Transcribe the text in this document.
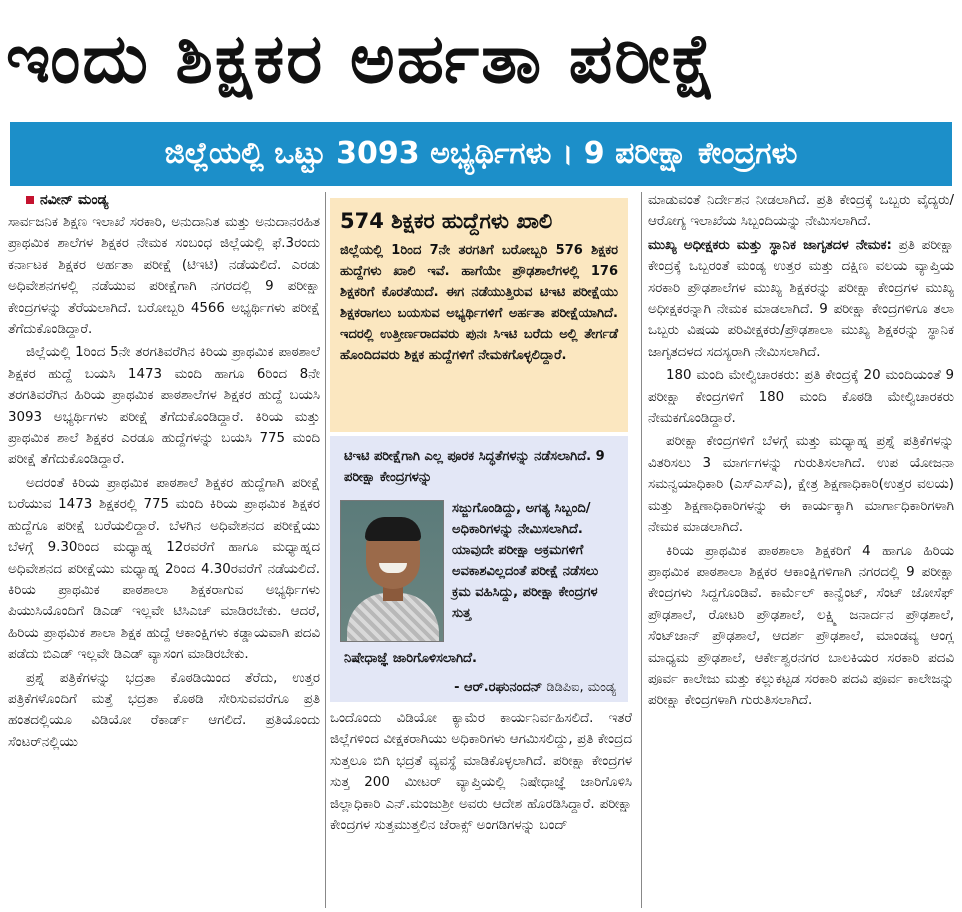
ಇಂದು ಶಿಕ್ಷಕರ ಅರ್ಹತಾ ಪರೀಕ್ಷೆ
ಜಿಲ್ಲೆಯಲ್ಲಿ ಒಟ್ಟು 3093 ಅಭ್ಯರ್ಥಿಗಳು । 9 ಪರೀಕ್ಷಾ ಕೇಂದ್ರಗಳು

ನವೀನ್ ಮಂಡ್ಯ

ಸಾರ್ವಜನಿಕ ಶಿಕ್ಷಣ ಇಲಾಖೆ ಸರಕಾರಿ, ಅನುದಾನಿತ ಮತ್ತು ಅನುದಾನರಹಿತ ಪ್ರಾಥಮಿಕ ಶಾಲೆಗಳ ಶಿಕ್ಷಕರ ನೇಮಕ ಸಂಬಂಧ ಜಿಲ್ಲೆಯಲ್ಲಿ ಫೆ.3ರಂದು ಕರ್ನಾಟಕ ಶಿಕ್ಷಕರ ಅರ್ಹತಾ ಪರೀಕ್ಷೆ (ಟಿಇಟಿ) ನಡೆಯಲಿದೆ. ಎರಡು ಅಧಿವೇಶನಗಳಲ್ಲಿ ನಡೆಯುವ ಪರೀಕ್ಷೆಗಾಗಿ ನಗರದಲ್ಲಿ 9 ಪರೀಕ್ಷಾ ಕೇಂದ್ರಗಳನ್ನು ತೆರೆಯಲಾಗಿದೆ. ಬರೋಬ್ಬರಿ 4566 ಅಭ್ಯರ್ಥಿಗಳು ಪರೀಕ್ಷೆ ತೆಗೆದುಕೊಂಡಿದ್ದಾರೆ.

ಜಿಲ್ಲೆಯಲ್ಲಿ 1ರಿಂದ 5ನೇ ತರಗತಿವರೆಗಿನ ಕಿರಿಯ ಪ್ರಾಥಮಿಕ ಪಾಠಶಾಲೆ ಶಿಕ್ಷಕರ ಹುದ್ದೆ ಬಯಸಿ 1473 ಮಂದಿ ಹಾಗೂ 6ರಿಂದ 8ನೇ ತರಗತಿವರೆಗಿನ ಹಿರಿಯ ಪ್ರಾಥಮಿಕ ಪಾಠಶಾಲೆಗಳ ಶಿಕ್ಷಕರ ಹುದ್ದೆ ಬಯಸಿ 3093 ಅಭ್ಯರ್ಥಿಗಳು ಪರೀಕ್ಷೆ ತೆಗೆದುಕೊಂಡಿದ್ದಾರೆ. ಕಿರಿಯ ಮತ್ತು ಪ್ರಾಥಮಿಕ ಶಾಲೆ ಶಿಕ್ಷಕರ ಎರಡೂ ಹುದ್ದೆಗಳನ್ನು ಬಯಸಿ 775 ಮಂದಿ ಪರೀಕ್ಷೆ ತೆಗೆದುಕೊಂಡಿದ್ದಾರೆ.

ಅದರಂತೆ ಕಿರಿಯ ಪ್ರಾಥಮಿಕ ಪಾಠಶಾಲೆ ಶಿಕ್ಷಕರ ಹುದ್ದೆಗಾಗಿ ಪರೀಕ್ಷೆ ಬರೆಯುವ 1473 ಶಿಕ್ಷಕರಲ್ಲಿ 775 ಮಂದಿ ಕಿರಿಯ ಪ್ರಾಥಮಿಕ ಶಿಕ್ಷಕರ ಹುದ್ದೆಗೂ ಪರೀಕ್ಷೆ ಬರೆಯಲಿದ್ದಾರೆ. ಬೆಳಗಿನ ಅಧಿವೇಶನದ ಪರೀಕ್ಷೆಯು ಬೆಳಗ್ಗೆ 9.30ರಿಂದ ಮಧ್ಯಾಹ್ನ 12ರವರೆಗೆ ಹಾಗೂ ಮಧ್ಯಾಹ್ನದ ಅಧಿವೇಶನದ ಪರೀಕ್ಷೆಯು ಮಧ್ಯಾಹ್ನ 2ರಿಂದ 4.30ರವರೆಗೆ ನಡೆಯಲಿದೆ. ಕಿರಿಯ ಪ್ರಾಥಮಿಕ ಪಾಠಶಾಲಾ ಶಿಕ್ಷಕರಾಗುವ ಅಭ್ಯರ್ಥಿಗಳು ಪಿಯುಸಿಯೊಂದಿಗೆ ಡಿಎಡ್ ಇಲ್ಲವೇ ಟಿಸಿಎಚ್ ಮಾಡಿರಬೇಕು. ಆದರೆ, ಹಿರಿಯ ಪ್ರಾಥಮಿಕ ಶಾಲಾ ಶಿಕ್ಷಕ ಹುದ್ದೆ ಆಕಾಂಕ್ಷಿಗಳು ಕಡ್ಡಾಯವಾಗಿ ಪದವಿ ಪಡೆದು ಬಿಎಡ್ ಇಲ್ಲವೇ ಡಿಎಡ್ ವ್ಯಾಸಂಗ ಮಾಡಿರಬೇಕು.

ಪ್ರಶ್ನೆ ಪತ್ರಿಕೆಗಳನ್ನು ಭದ್ರತಾ ಕೊಠಡಿಯಿಂದ ತೆರೆದು, ಉತ್ತರ ಪತ್ರಿಕೆಗಳೊಂದಿಗೆ ಮತ್ತೆ ಭದ್ರತಾ ಕೊಠಡಿ ಸೇರಿಸುವವರೆಗೂ ಪ್ರತಿ ಹಂತದಲ್ಲಿಯೂ ವಿಡಿಯೋ ರೆಕಾರ್ಡ್ ಆಗಲಿದೆ. ಪ್ರತಿಯೊಂದು ಸೆಂಟರ್‌ನಲ್ಲಿಯು

574 ಶಿಕ್ಷಕರ ಹುದ್ದೆಗಳು ಖಾಲಿ
ಜಿಲ್ಲೆಯಲ್ಲಿ 1ರಿಂದ 7ನೇ ತರಗತಿಗೆ ಬರೋಬ್ಬರಿ 576 ಶಿಕ್ಷಕರ ಹುದ್ದೆಗಳು ಖಾಲಿ ಇವೆ. ಹಾಗೆಯೇ ಪ್ರೌಢಶಾಲೆಗಳಲ್ಲಿ 176 ಶಿಕ್ಷಕರಿಗೆ ಕೊರತೆಯಿದೆ. ಈಗ ನಡೆಯುತ್ತಿರುವ ಟಿಇಟಿ ಪರೀಕ್ಷೆಯು ಶಿಕ್ಷಕರಾಗಲು ಬಯಸುವ ಅಭ್ಯರ್ಥಿಗಳಿಗೆ ಅರ್ಹತಾ ಪರೀಕ್ಷೆಯಾಗಿದೆ. ಇದರಲ್ಲಿ ಉತ್ತೀರ್ಣರಾದವರು ಪುನಃ ಸಿಇಟಿ ಬರೆದು ಅಲ್ಲಿ ತೇರ್ಗಡೆ ಹೊಂದಿದವರು ಶಿಕ್ಷಕ ಹುದ್ದೆಗಳಿಗೆ ನೇಮಕಗೊಳ್ಳಲಿದ್ದಾರೆ.
ಟಿಇಟಿ ಪರೀಕ್ಷೆಗಾಗಿ ಎಲ್ಲ ಪೂರಕ ಸಿದ್ಧತೆಗಳನ್ನು ನಡೆಸಲಾಗಿದೆ. 9 ಪರೀಕ್ಷಾ ಕೇಂದ್ರಗಳನ್ನು
ಸಜ್ಜುಗೊಂಡಿದ್ದು, ಅಗತ್ಯ ಸಿಬ್ಬಂದಿ/ಅಧಿಕಾರಿಗಳನ್ನು ನೇಮಿಸಲಾಗಿದೆ. ಯಾವುದೇ ಪರೀಕ್ಷಾ ಅಕ್ರಮಗಳಿಗೆ ಅವಕಾಶವಿಲ್ಲದಂತೆ ಪರೀಕ್ಷೆ ನಡೆಸಲು ಕ್ರಮ ವಹಿಸಿದ್ದು, ಪರೀಕ್ಷಾ ಕೇಂದ್ರಗಳ ಸುತ್ತ
ನಿಷೇಧಾಜ್ಞೆ ಜಾರಿಗೊಳಿಸಲಾಗಿದೆ.
- ಆರ್.ರಘುನಂದನ್ ಡಿಡಿಪಿಐ, ಮಂಡ್ಯ

ಒಂದೊಂದು ವಿಡಿಯೋ ಕ್ಯಾಮೆರ ಕಾರ್ಯನಿರ್ವಹಿಸಲಿದೆ. ಇತರೆ ಜಿಲ್ಲೆಗಳಿಂದ ವೀಕ್ಷಕರಾಗಿಯು ಅಧಿಕಾರಿಗಳು ಆಗಮಿಸಲಿದ್ದು, ಪ್ರತಿ ಕೇಂದ್ರದ ಸುತ್ತಲೂ ಬಿಗಿ ಭದ್ರತೆ ವ್ಯವಸ್ಥೆ ಮಾಡಿಕೊಳ್ಳಲಾಗಿದೆ. ಪರೀಕ್ಷಾ ಕೇಂದ್ರಗಳ ಸುತ್ತ 200 ಮೀಟರ್ ವ್ಯಾಪ್ತಿಯಲ್ಲಿ ನಿಷೇಧಾಜ್ಞೆ ಜಾರಿಗೊಳಿಸಿ ಜಿಲ್ಲಾಧಿಕಾರಿ ಎನ್.ಮಂಜುಶ್ರೀ ಅವರು ಆದೇಶ ಹೊರಡಿಸಿದ್ದಾರೆ. ಪರೀಕ್ಷಾ ಕೇಂದ್ರಗಳ ಸುತ್ತಮುತ್ತಲಿನ ಜೆರಾಕ್ಸ್ ಅಂಗಡಿಗಳನ್ನು ಬಂದ್

ಮಾಡುವಂತೆ ನಿರ್ದೇಶನ ನೀಡಲಾಗಿದೆ. ಪ್ರತಿ ಕೇಂದ್ರಕ್ಕೆ ಒಬ್ಬರು ವೈದ್ಯರು/ಆರೋಗ್ಯ ಇಲಾಖೆಯ ಸಿಬ್ಬಂದಿಯನ್ನು ನೇಮಿಸಲಾಗಿದೆ.

ಮುಖ್ಯ ಅಧೀಕ್ಷಕರು ಮತ್ತು ಸ್ಥಾನಿಕ ಜಾಗೃತದಳ ನೇಮಕ: ಪ್ರತಿ ಪರೀಕ್ಷಾ ಕೇಂದ್ರಕ್ಕೆ ಒಬ್ಬರಂತೆ ಮಂಡ್ಯ ಉತ್ತರ ಮತ್ತು ದಕ್ಷಿಣ ವಲಯ ವ್ಯಾಪ್ತಿಯ ಸರಕಾರಿ ಪ್ರೌಢಶಾಲೆಗಳ ಮುಖ್ಯ ಶಿಕ್ಷಕರನ್ನು ಪರೀಕ್ಷಾ ಕೇಂದ್ರಗಳ ಮುಖ್ಯ ಅಧೀಕ್ಷಕರನ್ನಾಗಿ ನೇಮಕ ಮಾಡಲಾಗಿದೆ. 9 ಪರೀಕ್ಷಾ ಕೇಂದ್ರಗಳಿಗೂ ತಲಾ ಒಬ್ಬರು ವಿಷಯ ಪರಿವೀಕ್ಷಕರು/ಪ್ರೌಢಶಾಲಾ ಮುಖ್ಯ ಶಿಕ್ಷಕರನ್ನು ಸ್ಥಾನಿಕ ಜಾಗೃತದಳದ ಸದಸ್ಯರಾಗಿ ನೇಮಿಸಲಾಗಿದೆ.

180 ಮಂದಿ ಮೇಲ್ವಿಚಾರಕರು: ಪ್ರತಿ ಕೇಂದ್ರಕ್ಕೆ 20 ಮಂದಿಯಂತೆ 9 ಪರೀಕ್ಷಾ ಕೇಂದ್ರಗಳಿಗೆ 180 ಮಂದಿ ಕೊಠಡಿ ಮೇಲ್ವಿಚಾರಕರು ನೇಮಕಗೊಂಡಿದ್ದಾರೆ.

ಪರೀಕ್ಷಾ ಕೇಂದ್ರಗಳಿಗೆ ಬೆಳಗ್ಗೆ ಮತ್ತು ಮಧ್ಯಾಹ್ನ ಪ್ರಶ್ನೆ ಪತ್ರಿಕೆಗಳನ್ನು ವಿತರಿಸಲು 3 ಮಾರ್ಗಗಳನ್ನು ಗುರುತಿಸಲಾಗಿದೆ. ಉಪ ಯೋಜನಾ ಸಮನ್ವಯಾಧಿಕಾರಿ (ಎಸ್‌ಎಸ್‌ಎ), ಕ್ಷೇತ್ರ ಶಿಕ್ಷಣಾಧಿಕಾರಿ(ಉತ್ತರ ವಲಯ) ಮತ್ತು ಶಿಕ್ಷಣಾಧಿಕಾರಿಗಳನ್ನು ಈ ಕಾರ್ಯಕ್ಕಾಗಿ ಮಾರ್ಗಾಧಿಕಾರಿಗಳಾಗಿ ನೇಮಕ ಮಾಡಲಾಗಿದೆ.

ಕಿರಿಯ ಪ್ರಾಥಮಿಕ ಪಾಠಶಾಲಾ ಶಿಕ್ಷಕರಿಗೆ 4 ಹಾಗೂ ಹಿರಿಯ ಪ್ರಾಥಮಿಕ ಪಾಠಶಾಲಾ ಶಿಕ್ಷಕರ ಆಕಾಂಕ್ಷಿಗಳಿಗಾಗಿ ನಗರದಲ್ಲಿ 9 ಪರೀಕ್ಷಾ ಕೇಂದ್ರಗಳು ಸಿದ್ದಗೊಂಡಿವೆ. ಕಾರ್ಮೆಲ್ ಕಾನ್ವೆಂಟ್, ಸೆಂಟ್ ಜೋಸೆಫ್ ಪ್ರೌಢಶಾಲೆ, ರೋಟರಿ ಪ್ರೌಢಶಾಲೆ, ಲಕ್ಷ್ಮಿ ಜನಾರ್ದನ ಪ್ರೌಢಶಾಲೆ, ಸೆಂಟ್‌ಜಾನ್ ಪ್ರೌಢಶಾಲೆ, ಆದರ್ಶ ಪ್ರೌಢಶಾಲೆ, ಮಾಂಡವ್ಯ ಆಂಗ್ಲ ಮಾಧ್ಯಮ ಪ್ರೌಢಶಾಲೆ, ಆರ್ಕೇಶ್ವರನಗರ ಬಾಲಕಿಯರ ಸರಕಾರಿ ಪದವಿ ಪೂರ್ವ ಕಾಲೇಜು ಮತ್ತು ಕಲ್ಲುಕಟ್ಟಡ ಸರಕಾರಿ ಪದವಿ ಪೂರ್ವ ಕಾಲೇಜನ್ನು ಪರೀಕ್ಷಾ ಕೇಂದ್ರಗಳಾಗಿ ಗುರುತಿಸಲಾಗಿದೆ.
